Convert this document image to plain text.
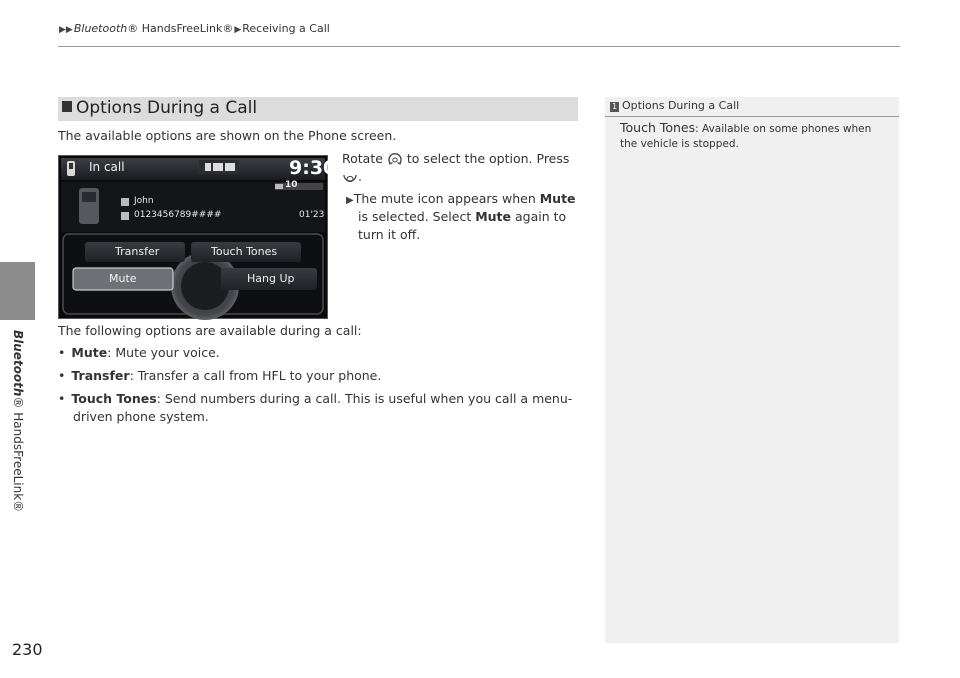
▶▶Bluetooth® HandsFreeLink®▶Receiving a Call
Bluetooth® HandsFreeLink®
Options During a Call
The available options are shown on the Phone screen.
In call	9:30
10
John
0123456789####	01'23
Transfer	Touch Tones
Mute	Hang Up
Rotate to select the option. Press
.
▶The mute icon appears when Mute
is selected. Select Mute again to
turn it off.
The following options are available during a call:
• Mute: Mute your voice.
• Transfer: Transfer a call from HFL to your phone.
• Touch Tones: Send numbers during a call. This is useful when you call a menu-
driven phone system.
1 Options During a Call
Touch Tones: Available on some phones when
the vehicle is stopped.
230
